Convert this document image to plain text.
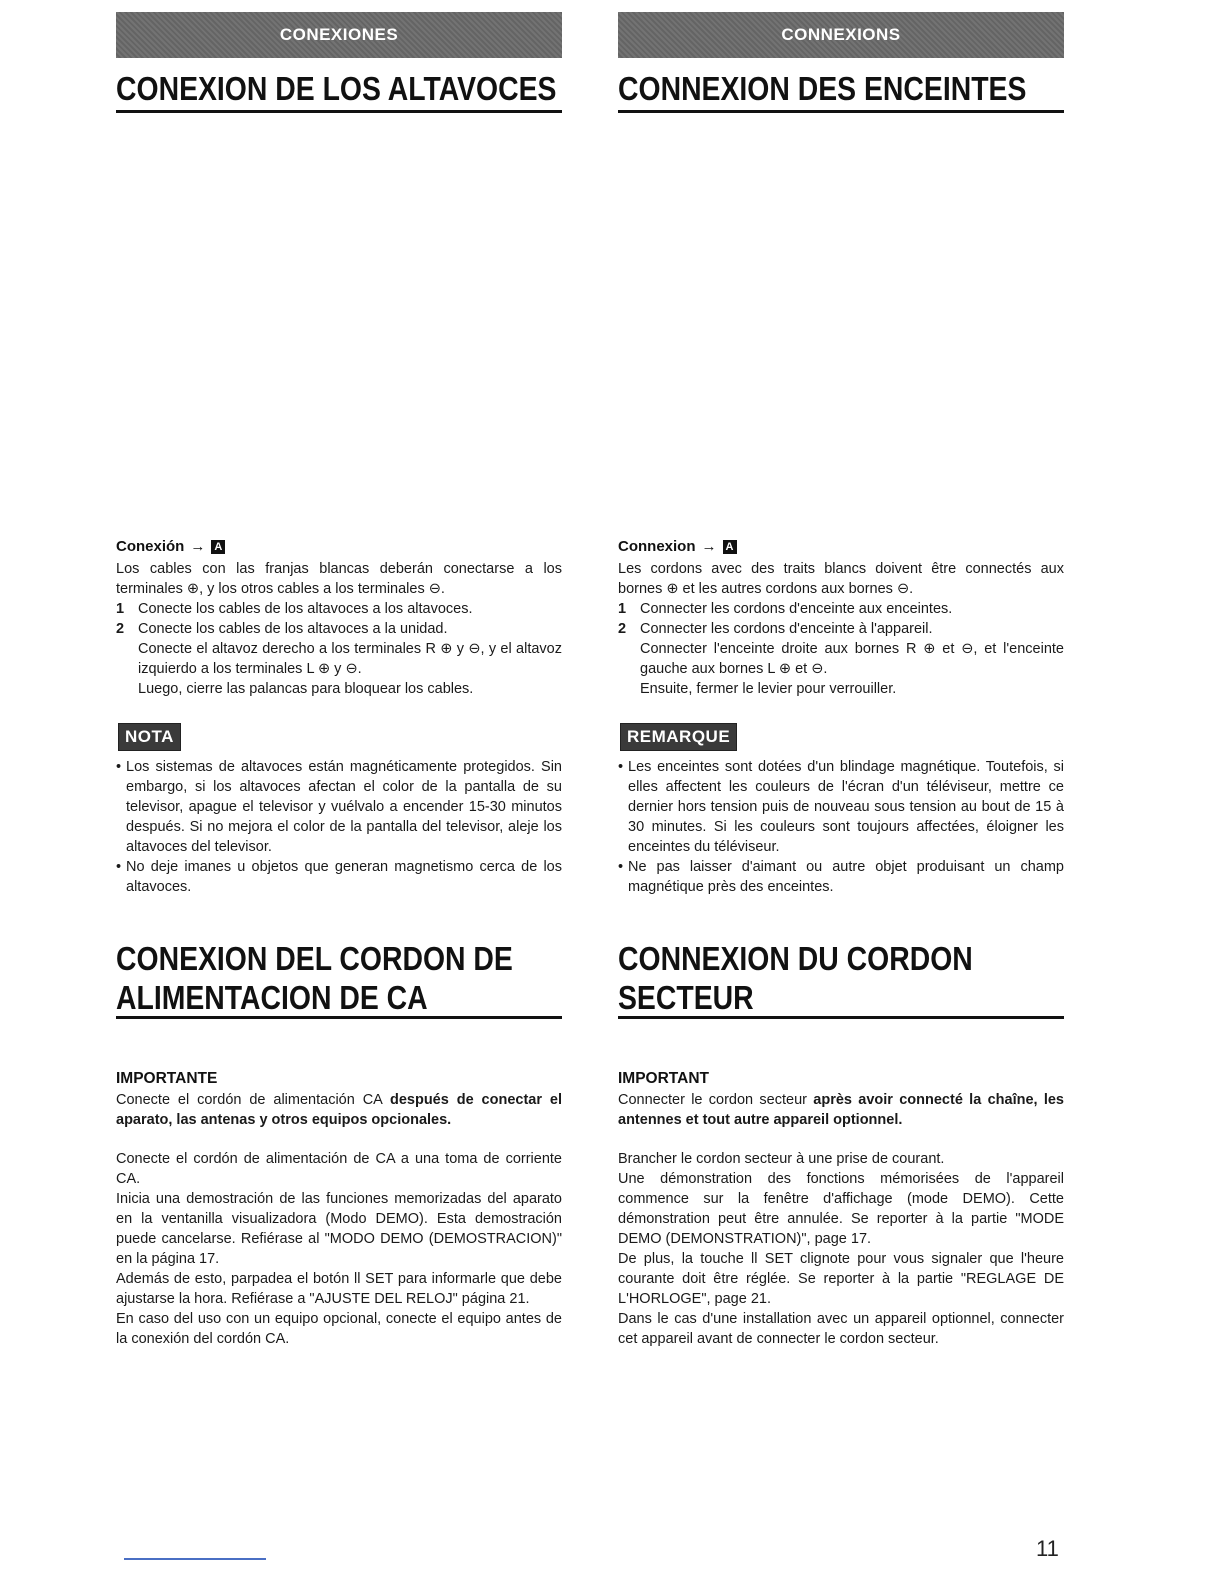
CONEXIONES
CONEXION DE LOS ALTAVOCES
Conexión → A

Los cables con las franjas blancas deberán conectarse a los terminales ⊕, y los otros cables a los terminales ⊖.

1 Conecte los cables de los altavoces a los altavoces.
2 Conecte los cables de los altavoces a la unidad.

Conecte el altavoz derecho a los terminales R ⊕ y ⊖, y el altavoz izquierdo a los terminales L ⊕ y ⊖.

Luego, cierre las palancas para bloquear los cables.

NOTA
• Los sistemas de altavoces están magnéticamente protegidos. Sin embargo, si los altavoces afectan el color de la pantalla de su televisor, apague el televisor y vuélvalo a encender 15-30 minutos después. Si no mejora el color de la pantalla del televisor, aleje los altavoces del televisor.
• No deje imanes u objetos que generan magnetismo cerca de los altavoces.
CONEXION DEL CORDON DE
ALIMENTACION DE CA
IMPORTANTE

Conecte el cordón de alimentación CA después de conectar el aparato, las antenas y otros equipos opcionales.

Conecte el cordón de alimentación de CA a una toma de corriente CA.

Inicia una demostración de las funciones memorizadas del aparato en la ventanilla visualizadora (Modo DEMO). Esta demostración puede cancelarse. Refiérase al "MODO DEMO (DEMOSTRACION)" en la página 17.

Además de esto, parpadea el botón ll SET para informarle que debe ajustarse la hora. Refiérase a "AJUSTE DEL RELOJ" página 21.

En caso del uso con un equipo opcional, conecte el equipo antes de la conexión del cordón CA.

CONNEXIONS
CONNEXION DES ENCEINTES
Connexion → A

Les cordons avec des traits blancs doivent être connectés aux bornes ⊕ et les autres cordons aux bornes ⊖.

1 Connecter les cordons d'enceinte aux enceintes.
2 Connecter les cordons d'enceinte à l'appareil.

Connecter l'enceinte droite aux bornes R ⊕ et ⊖, et l'enceinte gauche aux bornes L ⊕ et ⊖.

Ensuite, fermer le levier pour verrouiller.

REMARQUE
• Les enceintes sont dotées d'un blindage magnétique. Toutefois, si elles affectent les couleurs de l'écran d'un téléviseur, mettre ce dernier hors tension puis de nouveau sous tension au bout de 15 à 30 minutes. Si les couleurs sont toujours affectées, éloigner les enceintes du téléviseur.
• Ne pas laisser d'aimant ou autre objet produisant un champ magnétique près des enceintes.
CONNEXION DU CORDON
SECTEUR
IMPORTANT

Connecter le cordon secteur après avoir connecté la chaîne, les antennes et tout autre appareil optionnel.

Brancher le cordon secteur à une prise de courant.

Une démonstration des fonctions mémorisées de l'appareil commence sur la fenêtre d'affichage (mode DEMO). Cette démonstration peut être annulée. Se reporter à la partie "MODE DEMO (DEMONSTRATION)", page 17.

De plus, la touche ll SET clignote pour vous signaler que l'heure courante doit être réglée. Se reporter à la partie "REGLAGE DE L'HORLOGE", page 21.

Dans le cas d'une installation avec un appareil optionnel, connecter cet appareil avant de connecter le cordon secteur.

11
